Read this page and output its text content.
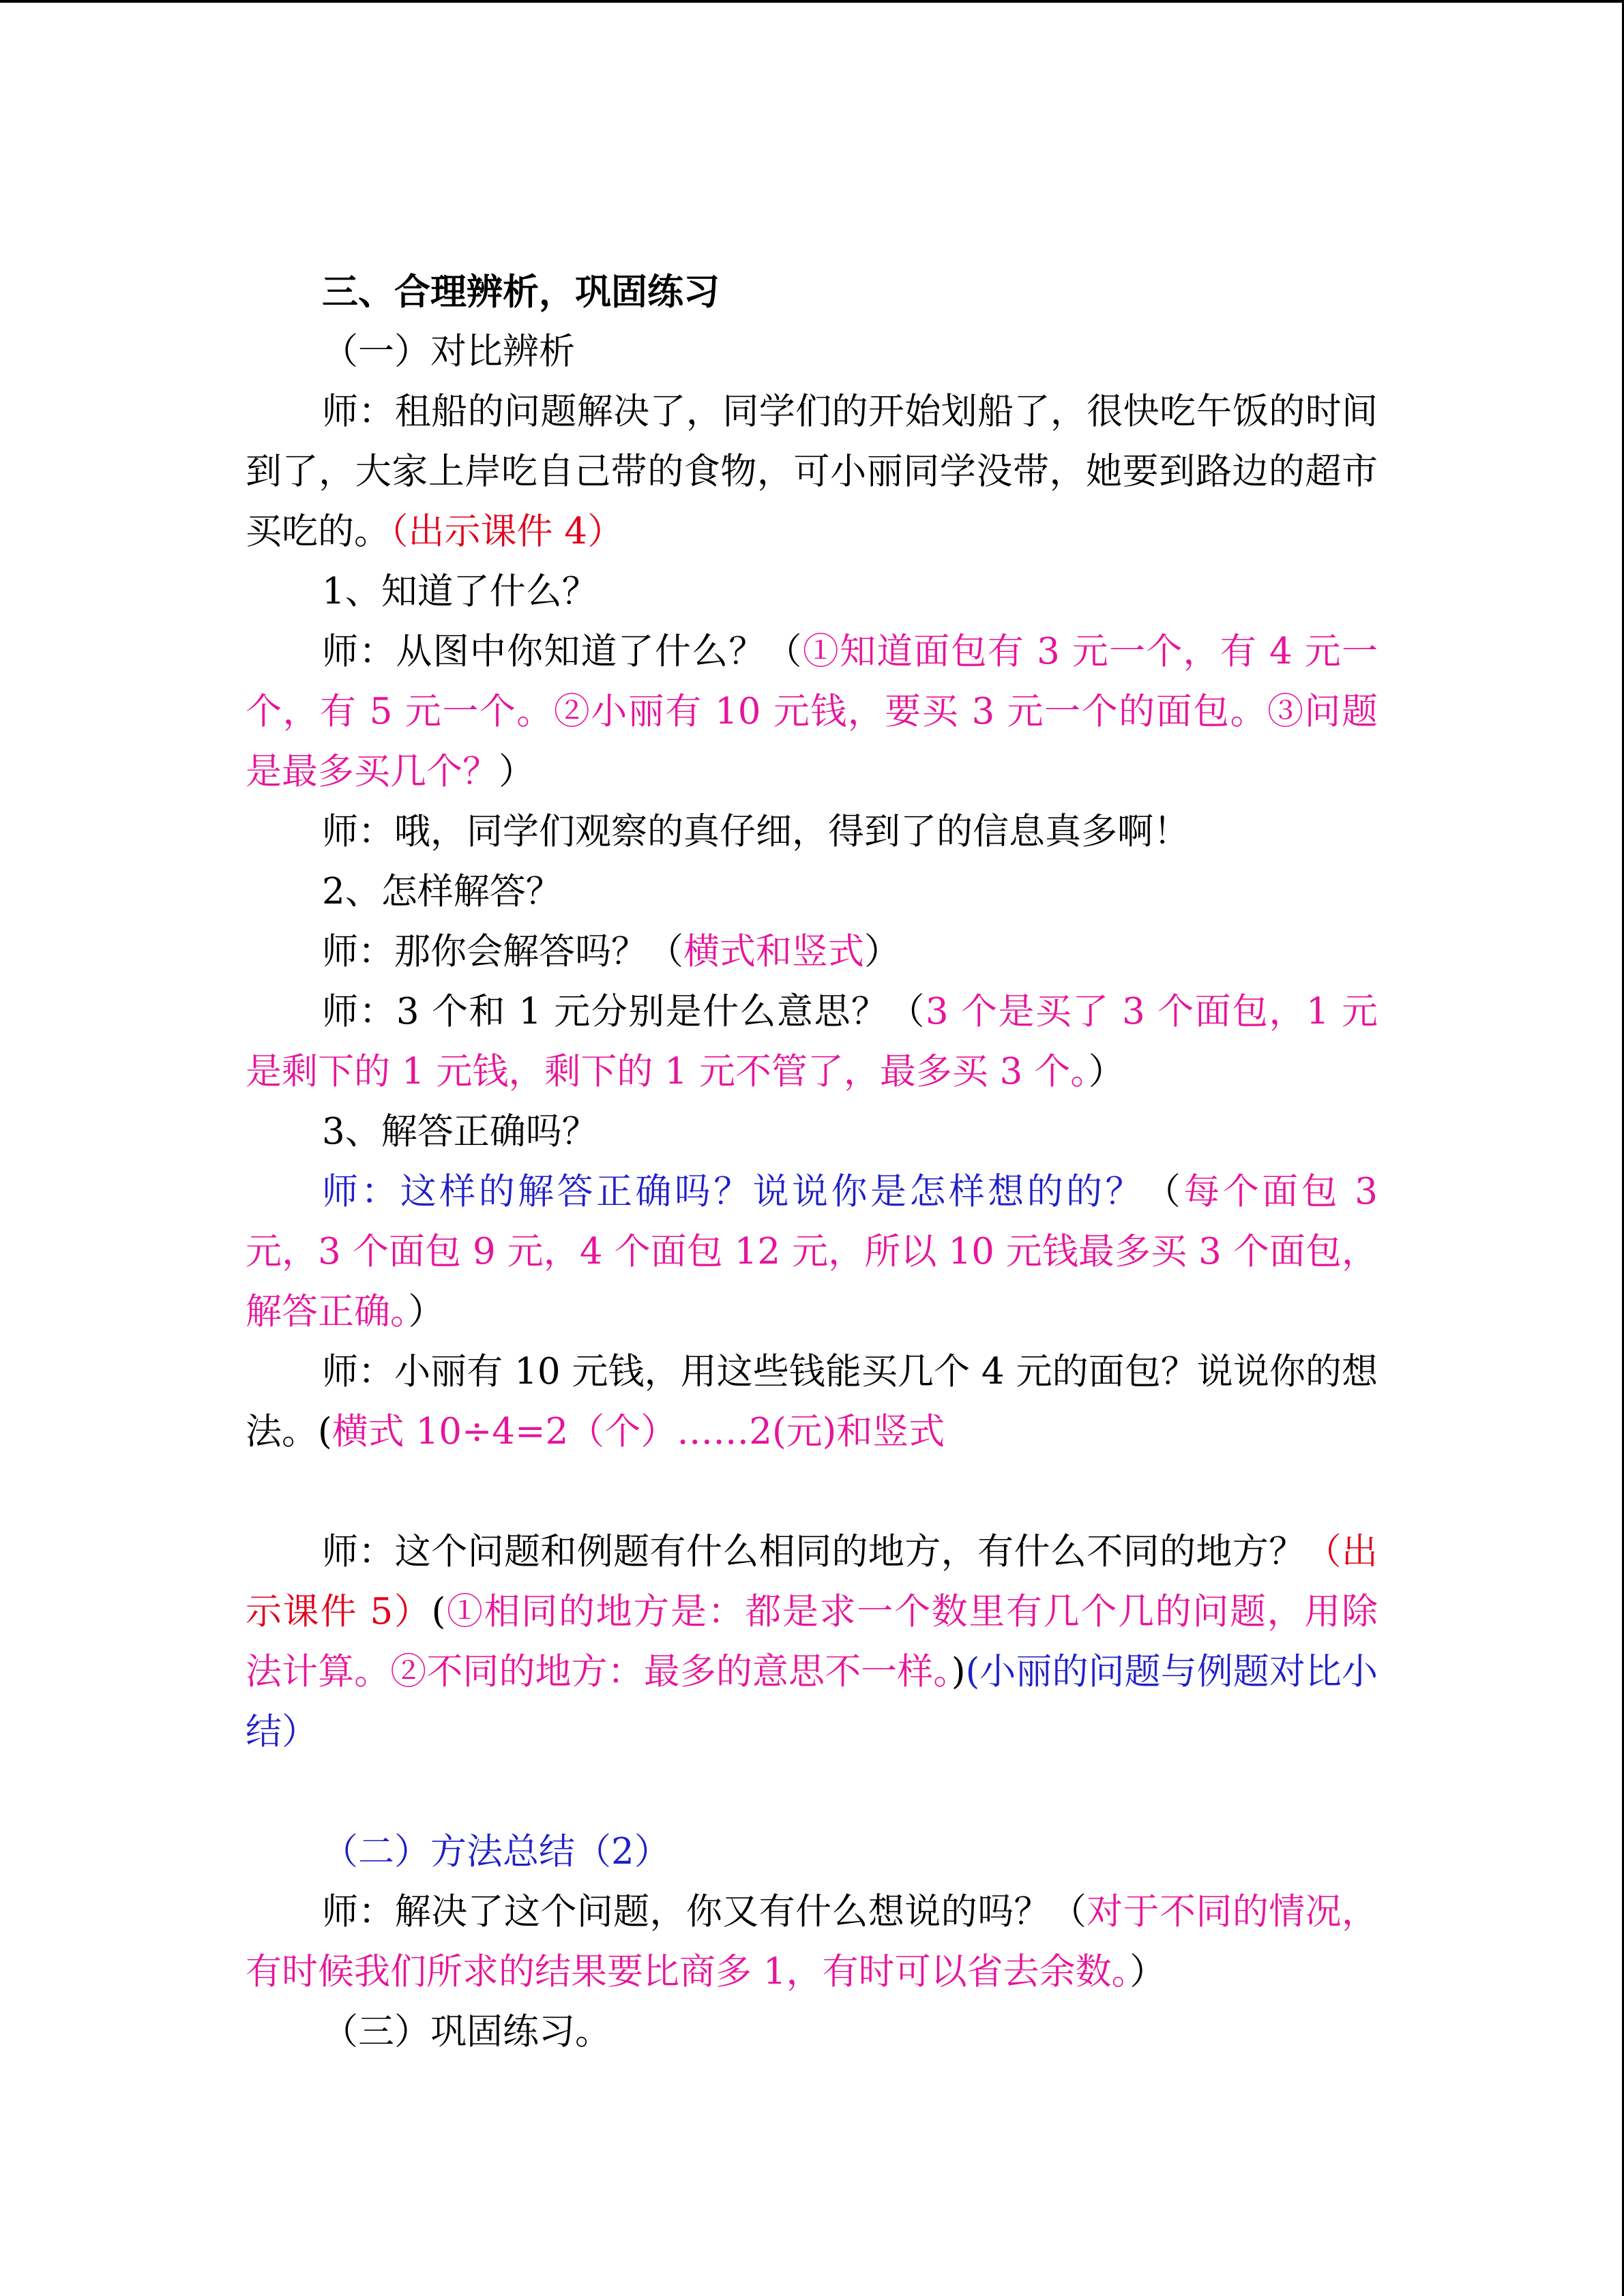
三、合理辨析，巩固练习

（一）对比辨析

师：租船的问题解决了，同学们的开始划船了，很快吃午饭的时间到了，大家上岸吃自己带的食物，可小丽同学没带，她要到路边的超市买吃的。（出示课件 4）

1、知道了什么？

师：从图中你知道了什么？（①知道面包有 3 元一个，有 4 元一个，有 5 元一个。②小丽有 10 元钱，要买 3 元一个的面包。③问题是最多买几个？）

师：哦，同学们观察的真仔细，得到了的信息真多啊！

2、怎样解答？

师：那你会解答吗？（横式和竖式）

师：3 个和 1 元分别是什么意思？（3 个是买了 3 个面包，1 元是剩下的 1 元钱，剩下的 1 元不管了，最多买 3 个。）

3、解答正确吗？

师：这样的解答正确吗？说说你是怎样想的的？（每个面包 3 元，3 个面包 9 元，4 个面包 12 元，所以 10 元钱最多买 3 个面包，解答正确。）

师：小丽有 10 元钱，用这些钱能买几个 4 元的面包？说说你的想法。(横式 10÷4=2（个）……2(元)和竖式

师：这个问题和例题有什么相同的地方，有什么不同的地方？（出示课件 5）(①相同的地方是：都是求一个数里有几个几的问题，用除法计算。②不同的地方：最多的意思不一样。)(小丽的问题与例题对比小结）

（二）方法总结（2）

师：解决了这个问题，你又有什么想说的吗？（对于不同的情况，有时候我们所求的结果要比商多 1，有时可以省去余数。）

（三）巩固练习。
